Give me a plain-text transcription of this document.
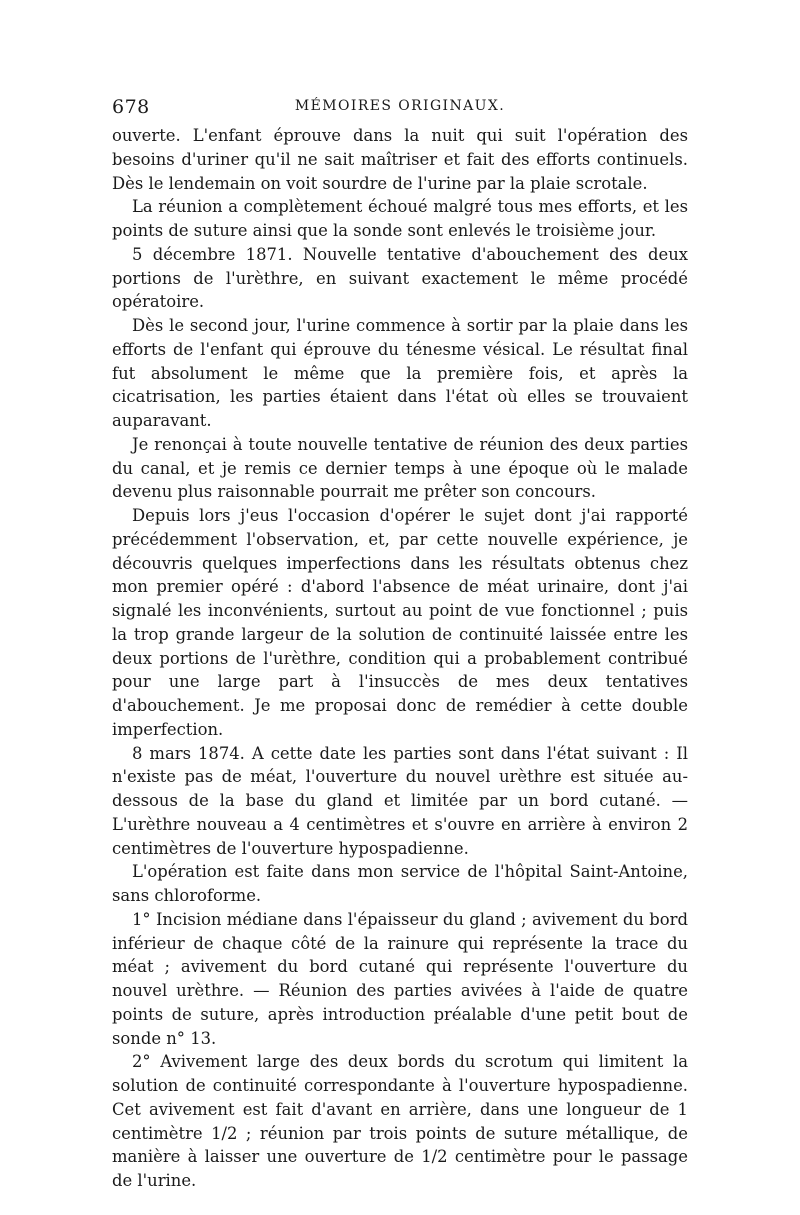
678	MÉMOIRES ORIGINAUX.

ouverte. L'enfant éprouve dans la nuit qui suit l'opération des besoins d'uriner qu'il ne sait maîtriser et fait des efforts continuels. Dès le lendemain on voit sourdre de l'urine par la plaie scrotale.

La réunion a complètement échoué malgré tous mes efforts, et les points de suture ainsi que la sonde sont enlevés le troisième jour.

5 décembre 1871. Nouvelle tentative d'abouchement des deux portions de l'urèthre, en suivant exactement le même procédé opératoire.

Dès le second jour, l'urine commence à sortir par la plaie dans les efforts de l'enfant qui éprouve du ténesme vésical. Le résultat final fut absolument le même que la première fois, et après la cicatrisation, les parties étaient dans l'état où elles se trouvaient auparavant.

Je renonçai à toute nouvelle tentative de réunion des deux parties du canal, et je remis ce dernier temps à une époque où le malade devenu plus raisonnable pourrait me prêter son concours.

Depuis lors j'eus l'occasion d'opérer le sujet dont j'ai rapporté précédemment l'observation, et, par cette nouvelle expérience, je découvris quelques imperfections dans les résultats obtenus chez mon premier opéré : d'abord l'absence de méat urinaire, dont j'ai signalé les inconvénients, surtout au point de vue fonctionnel ; puis la trop grande largeur de la solution de continuité laissée entre les deux portions de l'urèthre, condition qui a probablement contribué pour une large part à l'insuccès de mes deux tentatives d'abouchement. Je me proposai donc de remédier à cette double imperfection.

8 mars 1874. A cette date les parties sont dans l'état suivant : Il n'existe pas de méat, l'ouverture du nouvel urèthre est située au-dessous de la base du gland et limitée par un bord cutané. — L'urèthre nouveau a 4 centimètres et s'ouvre en arrière à environ 2 centimètres de l'ouverture hypospadienne.

L'opération est faite dans mon service de l'hôpital Saint-Antoine, sans chloroforme.

1° Incision médiane dans l'épaisseur du gland ; avivement du bord inférieur de chaque côté de la rainure qui représente la trace du méat ; avivement du bord cutané qui représente l'ouverture du nouvel urèthre. — Réunion des parties avivées à l'aide de quatre points de suture, après introduction préalable d'une petit bout de sonde n° 13.

2° Avivement large des deux bords du scrotum qui limitent la solution de continuité correspondante à l'ouverture hypospadienne. Cet avivement est fait d'avant en arrière, dans une longueur de 1 centimètre 1/2 ; réunion par trois points de suture métallique, de manière à laisser une ouverture de 1/2 centimètre pour le passage de l'urine.
